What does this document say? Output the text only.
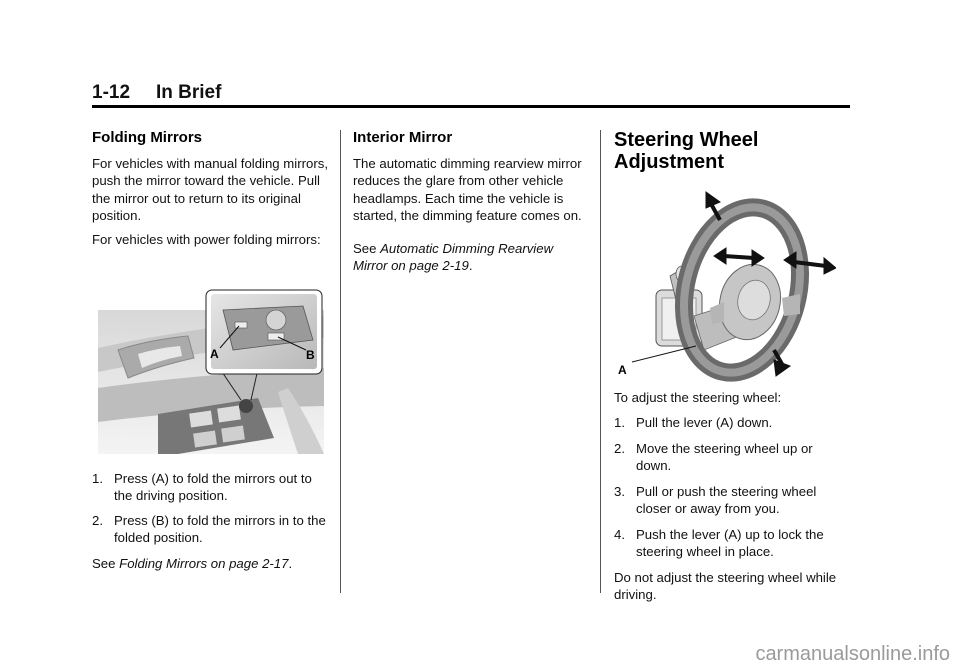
1-12 In Brief
Folding Mirrors
For vehicles with manual folding mirrors, push the mirror toward the vehicle. Pull the mirror out to return to its original position.
For vehicles with power folding mirrors:
A	B
1. Press (A) to fold the mirrors out to the driving position.
2. Press (B) to fold the mirrors in to the folded position.
See Folding Mirrors on page 2-17.
Interior Mirror
The automatic dimming rearview mirror reduces the glare from other vehicle headlamps. Each time the vehicle is started, the dimming feature comes on.
See Automatic Dimming Rearview Mirror on page 2-19.
Steering Wheel
Adjustment
A
To adjust the steering wheel:
1. Pull the lever (A) down.
2. Move the steering wheel up or down.
3. Pull or push the steering wheel closer or away from you.
4. Push the lever (A) up to lock the steering wheel in place.
Do not adjust the steering wheel while driving.
carmanualsonline.info
